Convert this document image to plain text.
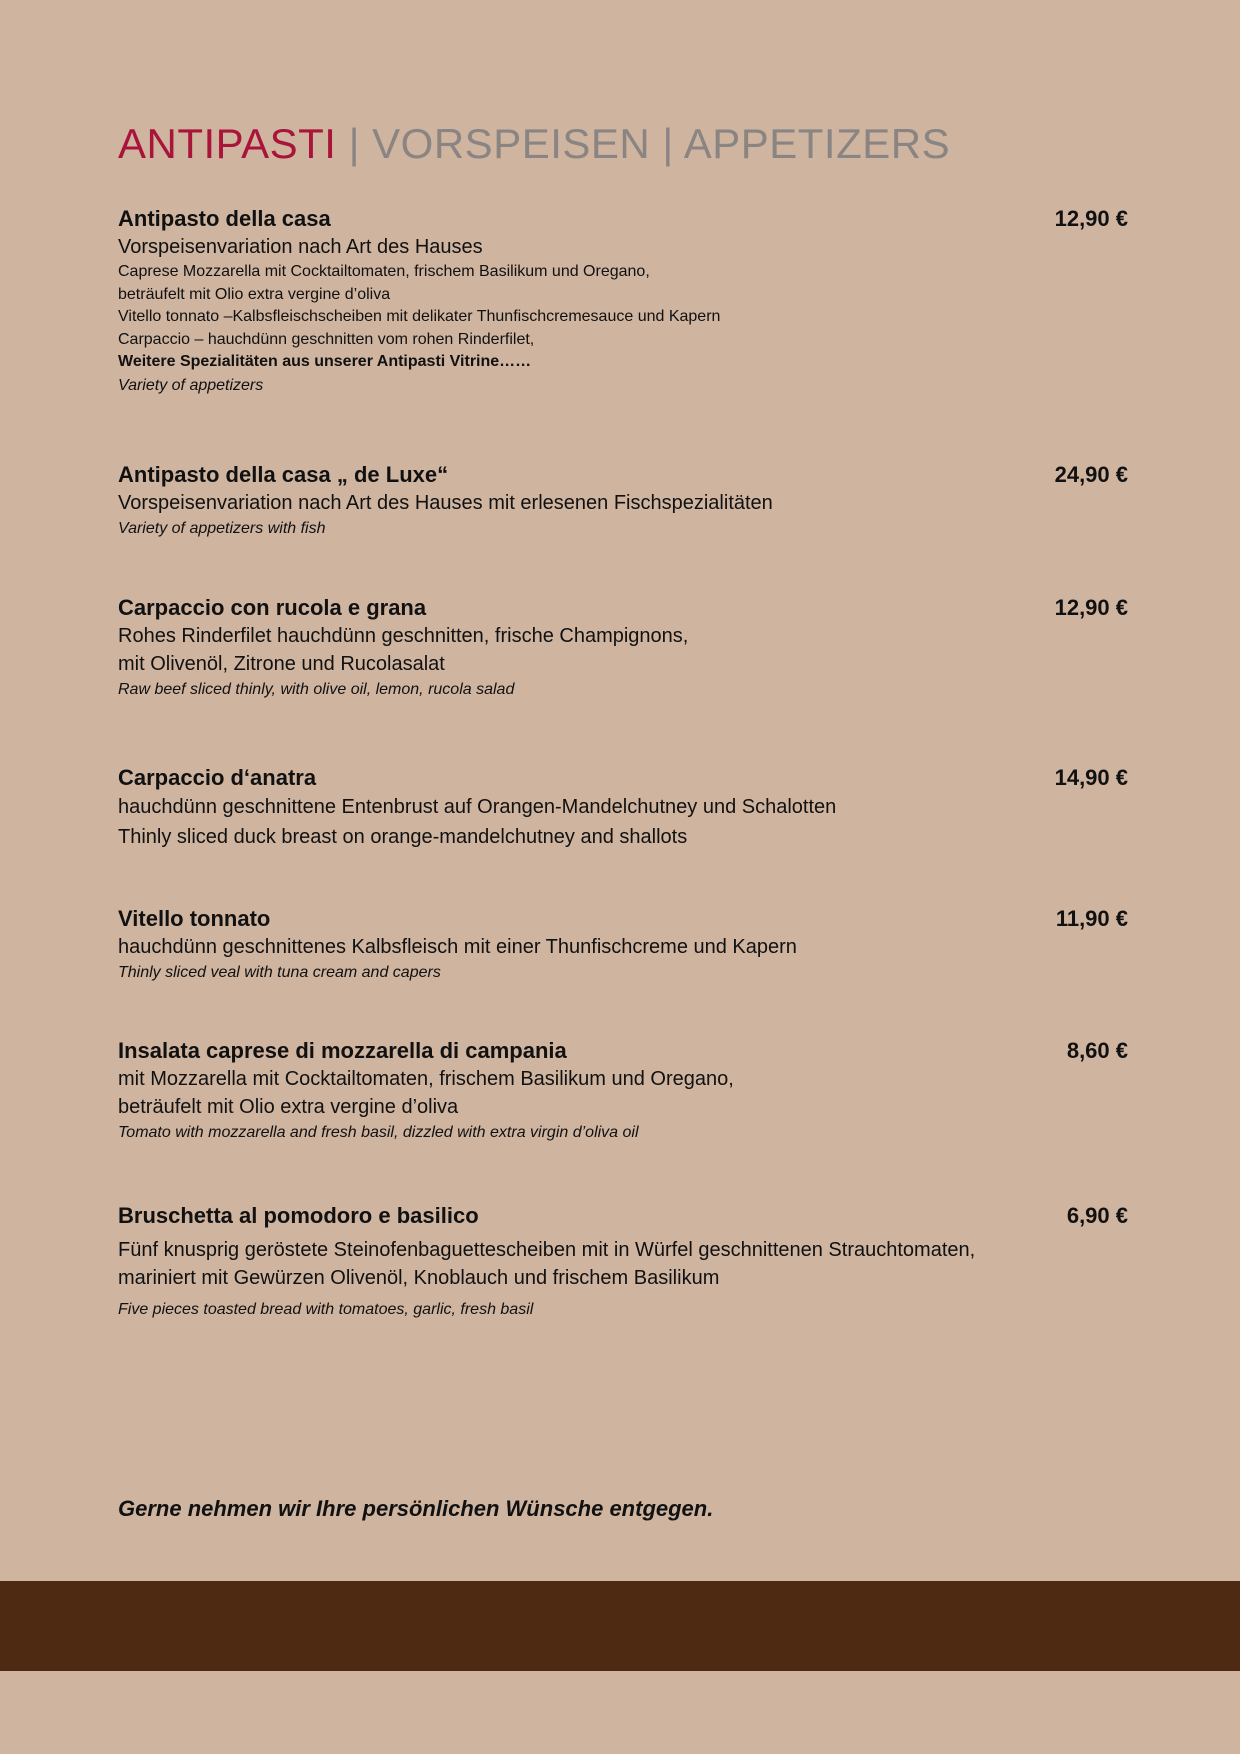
ANTIPASTI | VORSPEISEN | APPETIZERS
Antipasto della casa	12,90 €
Vorspeisenvariation nach Art des Hauses
Caprese Mozzarella mit Cocktailtomaten, frischem Basilikum und Oregano,
beträufelt mit Olio extra vergine d’oliva
Vitello tonnato –Kalbsfleischscheiben mit delikater Thunfischcremesauce und Kapern
Carpaccio – hauchdünn geschnitten vom rohen Rinderfilet,
Weitere Spezialitäten aus unserer Antipasti Vitrine……
Variety of appetizers
Antipasto della casa „ de Luxe“	24,90 €
Vorspeisenvariation nach Art des Hauses mit erlesenen Fischspezialitäten
Variety of appetizers with fish
Carpaccio con rucola e grana	12,90 €
Rohes Rinderfilet hauchdünn geschnitten, frische Champignons,
mit Olivenöl, Zitrone und Rucolasalat
Raw beef sliced thinly, with olive oil, lemon, rucola salad
Carpaccio d‘anatra	14,90 €
hauchdünn geschnittene Entenbrust auf Orangen-Mandelchutney und Schalotten
Thinly sliced duck breast on orange-mandelchutney and shallots
Vitello tonnato	11,90 €
hauchdünn geschnittenes Kalbsfleisch mit einer Thunfischcreme und Kapern
Thinly sliced veal with tuna cream and capers
Insalata caprese di mozzarella di campania	8,60 €
mit Mozzarella mit Cocktailtomaten, frischem Basilikum und Oregano,
beträufelt mit Olio extra vergine d’oliva
Tomato with mozzarella and fresh basil, dizzled with extra virgin d’oliva oil
Bruschetta al pomodoro e basilico	6,90 €
Fünf knusprig geröstete Steinofenbaguettescheiben mit in Würfel geschnittenen Strauchtomaten,
mariniert mit Gewürzen Olivenöl, Knoblauch und frischem Basilikum
Five pieces toasted bread with tomatoes, garlic, fresh basil
Gerne nehmen wir Ihre persönlichen Wünsche entgegen.
